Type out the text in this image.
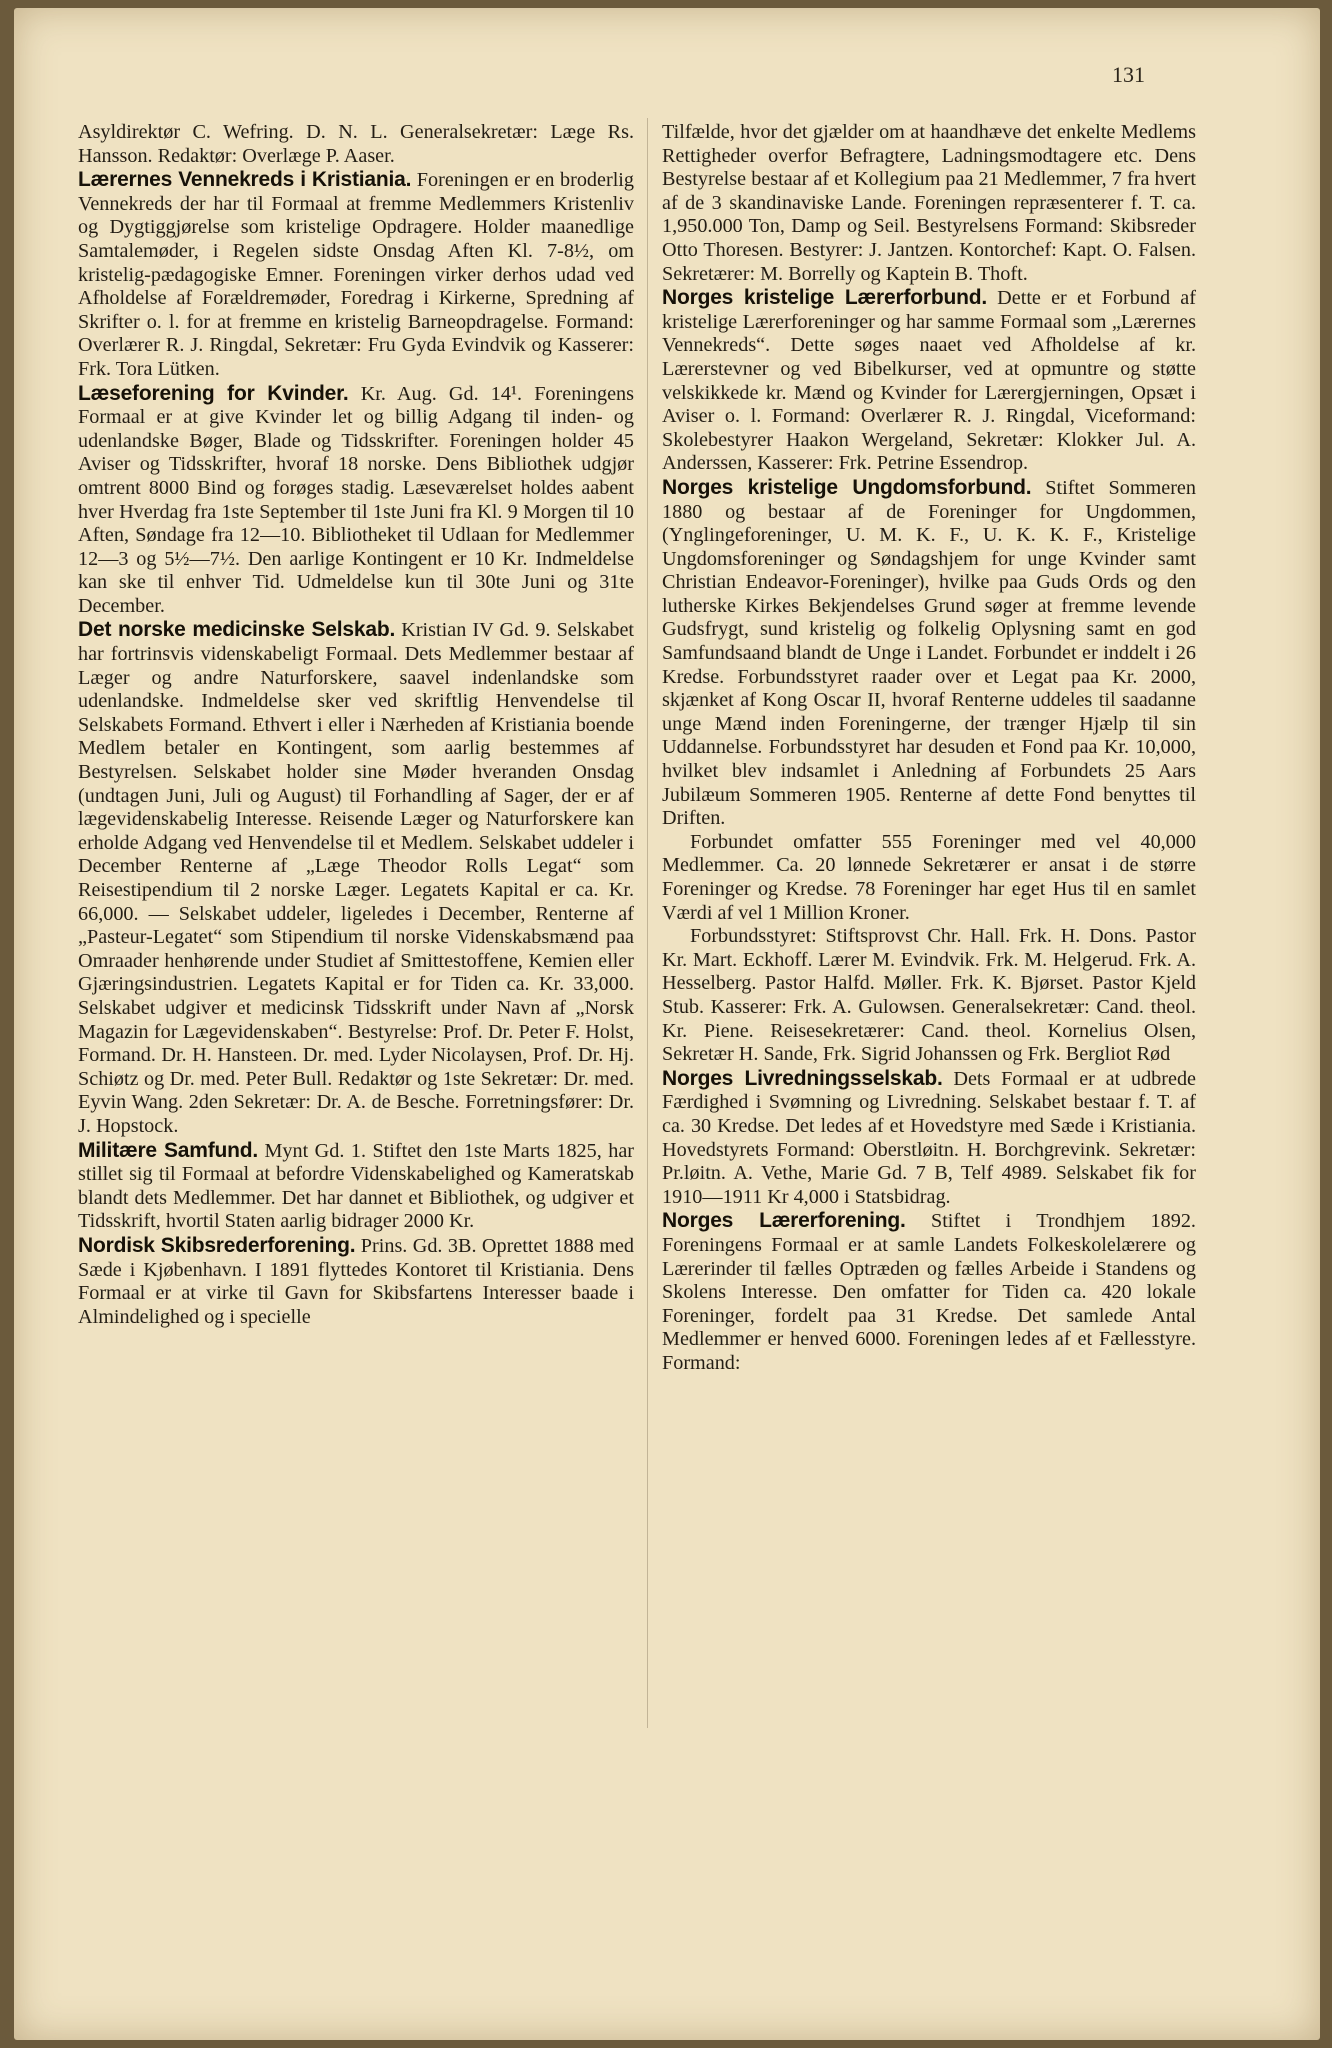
131
Asyldirektør C. Wefring. D. N. L. Generalsekretær: Læge Rs. Hansson. Redaktør: Overlæge P. Aaser.
Lærernes Vennekreds i Kristiania. Foreningen er en broderlig Vennekreds der har til Formaal at fremme Medlemmers Kristenliv og Dygtiggjørelse som kristelige Opdragere. Holder maanedlige Samtalemøder, i Regelen sidste Onsdag Aften Kl. 7-8½, om kristelig-pædagogiske Emner. Foreningen virker derhos udad ved Afholdelse af Forældremøder, Foredrag i Kirkerne, Spredning af Skrifter o. l. for at fremme en kristelig Barneopdragelse. Formand: Overlærer R. J. Ringdal, Sekretær: Fru Gyda Evindvik og Kasserer: Frk. Tora Lütken.
Læseforening for Kvinder. Kr. Aug. Gd. 14¹. Foreningens Formaal er at give Kvinder let og billig Adgang til inden- og udenlandske Bøger, Blade og Tidsskrifter. Foreningen holder 45 Aviser og Tidsskrifter, hvoraf 18 norske. Dens Bibliothek udgjør omtrent 8000 Bind og forøges stadig. Læseværelset holdes aabent hver Hverdag fra 1ste September til 1ste Juni fra Kl. 9 Morgen til 10 Aften, Søndage fra 12—10. Bibliotheket til Udlaan for Medlemmer 12—3 og 5½—7½. Den aarlige Kontingent er 10 Kr. Indmeldelse kan ske til enhver Tid. Udmeldelse kun til 30te Juni og 31te December.
Det norske medicinske Selskab. Kristian IV Gd. 9. Selskabet har fortrinsvis videnskabeligt Formaal. Dets Medlemmer bestaar af Læger og andre Naturforskere, saavel indenlandske som udenlandske. Indmeldelse sker ved skriftlig Henvendelse til Selskabets Formand. Ethvert i eller i Nærheden af Kristiania boende Medlem betaler en Kontingent, som aarlig bestemmes af Bestyrelsen. Selskabet holder sine Møder hveranden Onsdag (undtagen Juni, Juli og August) til Forhandling af Sager, der er af lægevidenskabelig Interesse. Reisende Læger og Naturforskere kan erholde Adgang ved Henvendelse til et Medlem. Selskabet uddeler i December Renterne af „Læge Theodor Rolls Legat“ som Reisestipendium til 2 norske Læger. Legatets Kapital er ca. Kr. 66,000. — Selskabet uddeler, ligeledes i December, Renterne af „Pasteur-Legatet“ som Stipendium til norske Videnskabsmænd paa Omraader henhørende under Studiet af Smittestoffene, Kemien eller Gjæringsindustrien. Legatets Kapital er for Tiden ca. Kr. 33,000. Selskabet udgiver et medicinsk Tidsskrift under Navn af „Norsk Magazin for Lægevidenskaben“. Bestyrelse: Prof. Dr. Peter F. Holst, Formand. Dr. H. Hansteen. Dr. med. Lyder Nicolaysen, Prof. Dr. Hj. Schiøtz og Dr. med. Peter Bull. Redaktør og 1ste Sekretær: Dr. med. Eyvin Wang. 2den Sekretær: Dr. A. de Besche. Forretningsfører: Dr. J. Hopstock.
Militære Samfund. Mynt Gd. 1. Stiftet den 1ste Marts 1825, har stillet sig til Formaal at befordre Videnskabelighed og Kameratskab blandt dets Medlemmer. Det har dannet et Bibliothek, og udgiver et Tidsskrift, hvortil Staten aarlig bidrager 2000 Kr.
Nordisk Skibsrederforening. Prins. Gd. 3B. Oprettet 1888 med Sæde i Kjøbenhavn. I 1891 flyttedes Kontoret til Kristiania. Dens Formaal er at virke til Gavn for Skibsfartens Interesser baade i Almindelighed og i specielle
Tilfælde, hvor det gjælder om at haandhæve det enkelte Medlems Rettigheder overfor Befragtere, Ladningsmodtagere etc. Dens Bestyrelse bestaar af et Kollegium paa 21 Medlemmer, 7 fra hvert af de 3 skandinaviske Lande. Foreningen repræsenterer f. T. ca. 1,950.000 Ton, Damp og Seil. Bestyrelsens Formand: Skibsreder Otto Thoresen. Bestyrer: J. Jantzen. Kontorchef: Kapt. O. Falsen. Sekretærer: M. Borrelly og Kaptein B. Thoft.
Norges kristelige Lærerforbund. Dette er et Forbund af kristelige Lærerforeninger og har samme Formaal som „Lærernes Vennekreds“. Dette søges naaet ved Afholdelse af kr. Lærerstevner og ved Bibelkurser, ved at opmuntre og støtte velskikkede kr. Mænd og Kvinder for Lærergjerningen, Opsæt i Aviser o. l. Formand: Overlærer R. J. Ringdal, Viceformand: Skolebestyrer Haakon Wergeland, Sekretær: Klokker Jul. A. Anderssen, Kasserer: Frk. Petrine Essendrop.
Norges kristelige Ungdomsforbund. Stiftet Sommeren 1880 og bestaar af de Foreninger for Ungdommen, (Ynglingeforeninger, U. M. K. F., U. K. K. F., Kristelige Ungdomsforeninger og Søndagshjem for unge Kvinder samt Christian Endeavor-Foreninger), hvilke paa Guds Ords og den lutherske Kirkes Bekjendelses Grund søger at fremme levende Gudsfrygt, sund kristelig og folkelig Oplysning samt en god Samfundsaand blandt de Unge i Landet. Forbundet er inddelt i 26 Kredse. Forbundsstyret raader over et Legat paa Kr. 2000, skjænket af Kong Oscar II, hvoraf Renterne uddeles til saadanne unge Mænd inden Foreningerne, der trænger Hjælp til sin Uddannelse. Forbundsstyret har desuden et Fond paa Kr. 10,000, hvilket blev indsamlet i Anledning af Forbundets 25 Aars Jubilæum Sommeren 1905. Renterne af dette Fond benyttes til Driften.
Forbundet omfatter 555 Foreninger med vel 40,000 Medlemmer. Ca. 20 lønnede Sekretærer er ansat i de større Foreninger og Kredse. 78 Foreninger har eget Hus til en samlet Værdi af vel 1 Million Kroner.
Forbundsstyret: Stiftsprovst Chr. Hall. Frk. H. Dons. Pastor Kr. Mart. Eckhoff. Lærer M. Evindvik. Frk. M. Helgerud. Frk. A. Hesselberg. Pastor Halfd. Møller. Frk. K. Bjørset. Pastor Kjeld Stub. Kasserer: Frk. A. Gulowsen. Generalsekretær: Cand. theol. Kr. Piene. Reisesekretærer: Cand. theol. Kornelius Olsen, Sekretær H. Sande, Frk. Sigrid Johanssen og Frk. Bergliot Rød
Norges Livredningsselskab. Dets Formaal er at udbrede Færdighed i Svømning og Livredning. Selskabet bestaar f. T. af ca. 30 Kredse. Det ledes af et Hovedstyre med Sæde i Kristiania. Hovedstyrets Formand: Oberstløitn. H. Borchgrevink. Sekretær: Pr.løitn. A. Vethe, Marie Gd. 7 B, Telf 4989. Selskabet fik for 1910—1911 Kr 4,000 i Statsbidrag.
Norges Lærerforening. Stiftet i Trondhjem 1892. Foreningens Formaal er at samle Landets Folkeskolelærere og Lærerinder til fælles Optræden og fælles Arbeide i Standens og Skolens Interesse. Den omfatter for Tiden ca. 420 lokale Foreninger, fordelt paa 31 Kredse. Det samlede Antal Medlemmer er henved 6000. Foreningen ledes af et Fællesstyre. Formand:
